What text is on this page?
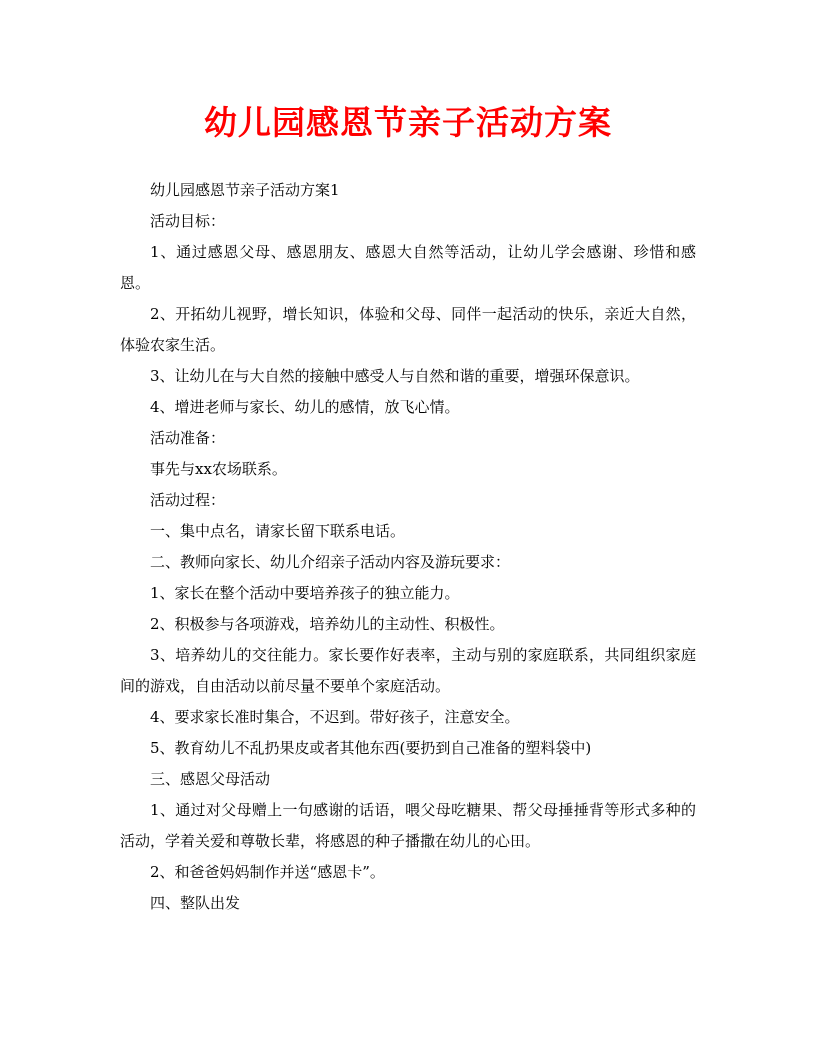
幼儿园感恩节亲子活动方案

幼儿园感恩节亲子活动方案1

活动目标：

1、通过感恩父母、感恩朋友、感恩大自然等活动，让幼儿学会感谢、珍惜和感恩。

2、开拓幼儿视野，增长知识，体验和父母、同伴一起活动的快乐，亲近大自然，体验农家生活。

3、让幼儿在与大自然的接触中感受人与自然和谐的重要，增强环保意识。

4、增进老师与家长、幼儿的感情，放飞心情。

活动准备：

事先与xx农场联系。

活动过程：

一、集中点名，请家长留下联系电话。

二、教师向家长、幼儿介绍亲子活动内容及游玩要求：

1、家长在整个活动中要培养孩子的独立能力。

2、积极参与各项游戏，培养幼儿的主动性、积极性。

3、培养幼儿的交往能力。家长要作好表率，主动与别的家庭联系，共同组织家庭间的游戏，自由活动以前尽量不要单个家庭活动。

4、要求家长准时集合，不迟到。带好孩子，注意安全。

5、教育幼儿不乱扔果皮或者其他东西(要扔到自己准备的塑料袋中)

三、感恩父母活动

1、通过对父母赠上一句感谢的话语，喂父母吃糖果、帮父母捶捶背等形式多种的活动，学着关爱和尊敬长辈，将感恩的种子播撒在幼儿的心田。

2、和爸爸妈妈制作并送“感恩卡”。

四、整队出发
